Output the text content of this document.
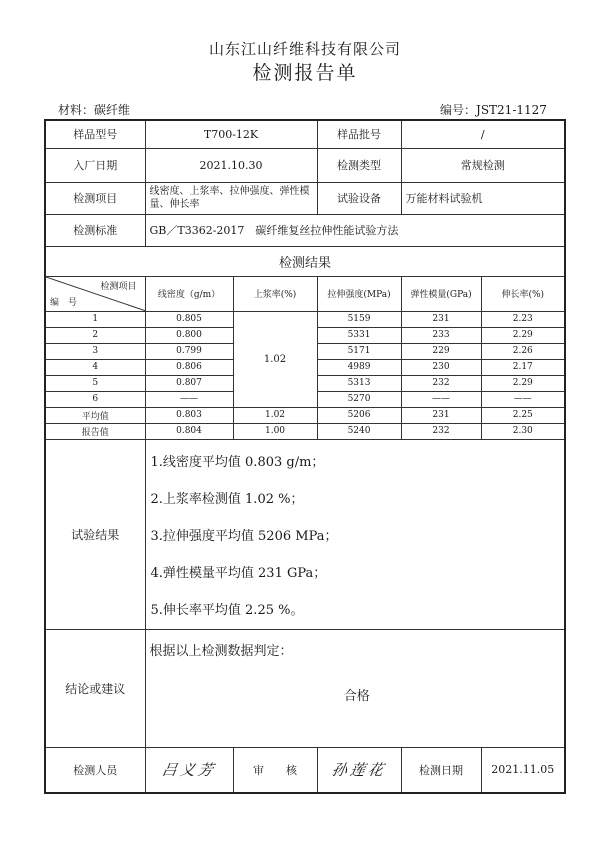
山东江山纤维科技有限公司
检测报告单
材料：碳纤维	编号：JST21-1127
样品型号	T700-12K		样品批号	/	
入厂日期	2021.10.30		检测类型	常规检测	
检测项目	线密度、上浆率、拉伸强度、弹性模量、伸长率		试验设备	万能材料试验机	
检测标准	GB／T3362-2017　碳纤维复丝拉伸性能试验方法				
检测结果					

检测项目
编　号	线密度（g/m）	上浆率(%)	拉伸强度(MPa)	弹性模量(GPa)	伸长率(%)
1	0.805	1.02	5159	231	2.23
2	0.800		5331	233	2.29
3	0.799		5171	229	2.26
4	0.806		4989	230	2.17
5	0.807		5313	232	2.29
6	——		5270	——	——
平均值	0.803	1.02	5206	231	2.25
报告值	0.804	1.00	5240	232	2.30
试验结果	1.线密度平均值 0.803 g/m；
2.上浆率检测值 1.02 %；
3.拉伸强度平均值 5206 MPa；
4.弹性模量平均值 231 GPa；
5.伸长率平均值 2.25 %。				

结论或建议	根据以上检测数据判定：
合格				

检测人员	吕义芳	审　　核	孙莲花	检测日期	2021.11.05
